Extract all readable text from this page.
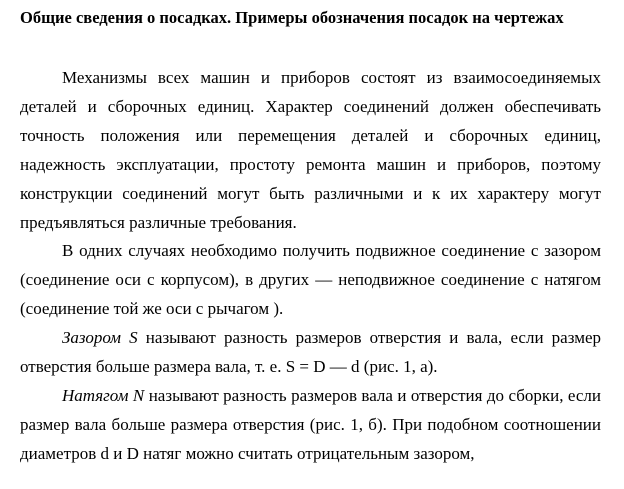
Общие сведения о посадках. Примеры обозначения посадок на чертежах

Механизмы всех машин и приборов состоят из взаимосоединяемых деталей и сборочных единиц. Характер соединений должен обеспечивать точность положения или перемещения деталей и сборочных единиц, надежность эксплуатации, простоту ремонта машин и приборов, поэтому конструкции соединений могут быть различными и к их характеру могут предъявляться различные требования.

В одних случаях необходимо получить подвижное соединение с зазором (соединение оси с корпусом), в других — неподвижное соединение с натягом (соединение той же оси с рычагом ).

Зазором S называют разность размеров отверстия и вала, если размер отверстия больше размера вала, т. е. S = D — d (рис. 1, а).

Натягом N называют разность размеров вала и отверстия до сборки, если размер вала больше размера отверстия (рис. 1, б). При подобном соотношении диаметров d и D натяг можно считать отрицательным зазором,
